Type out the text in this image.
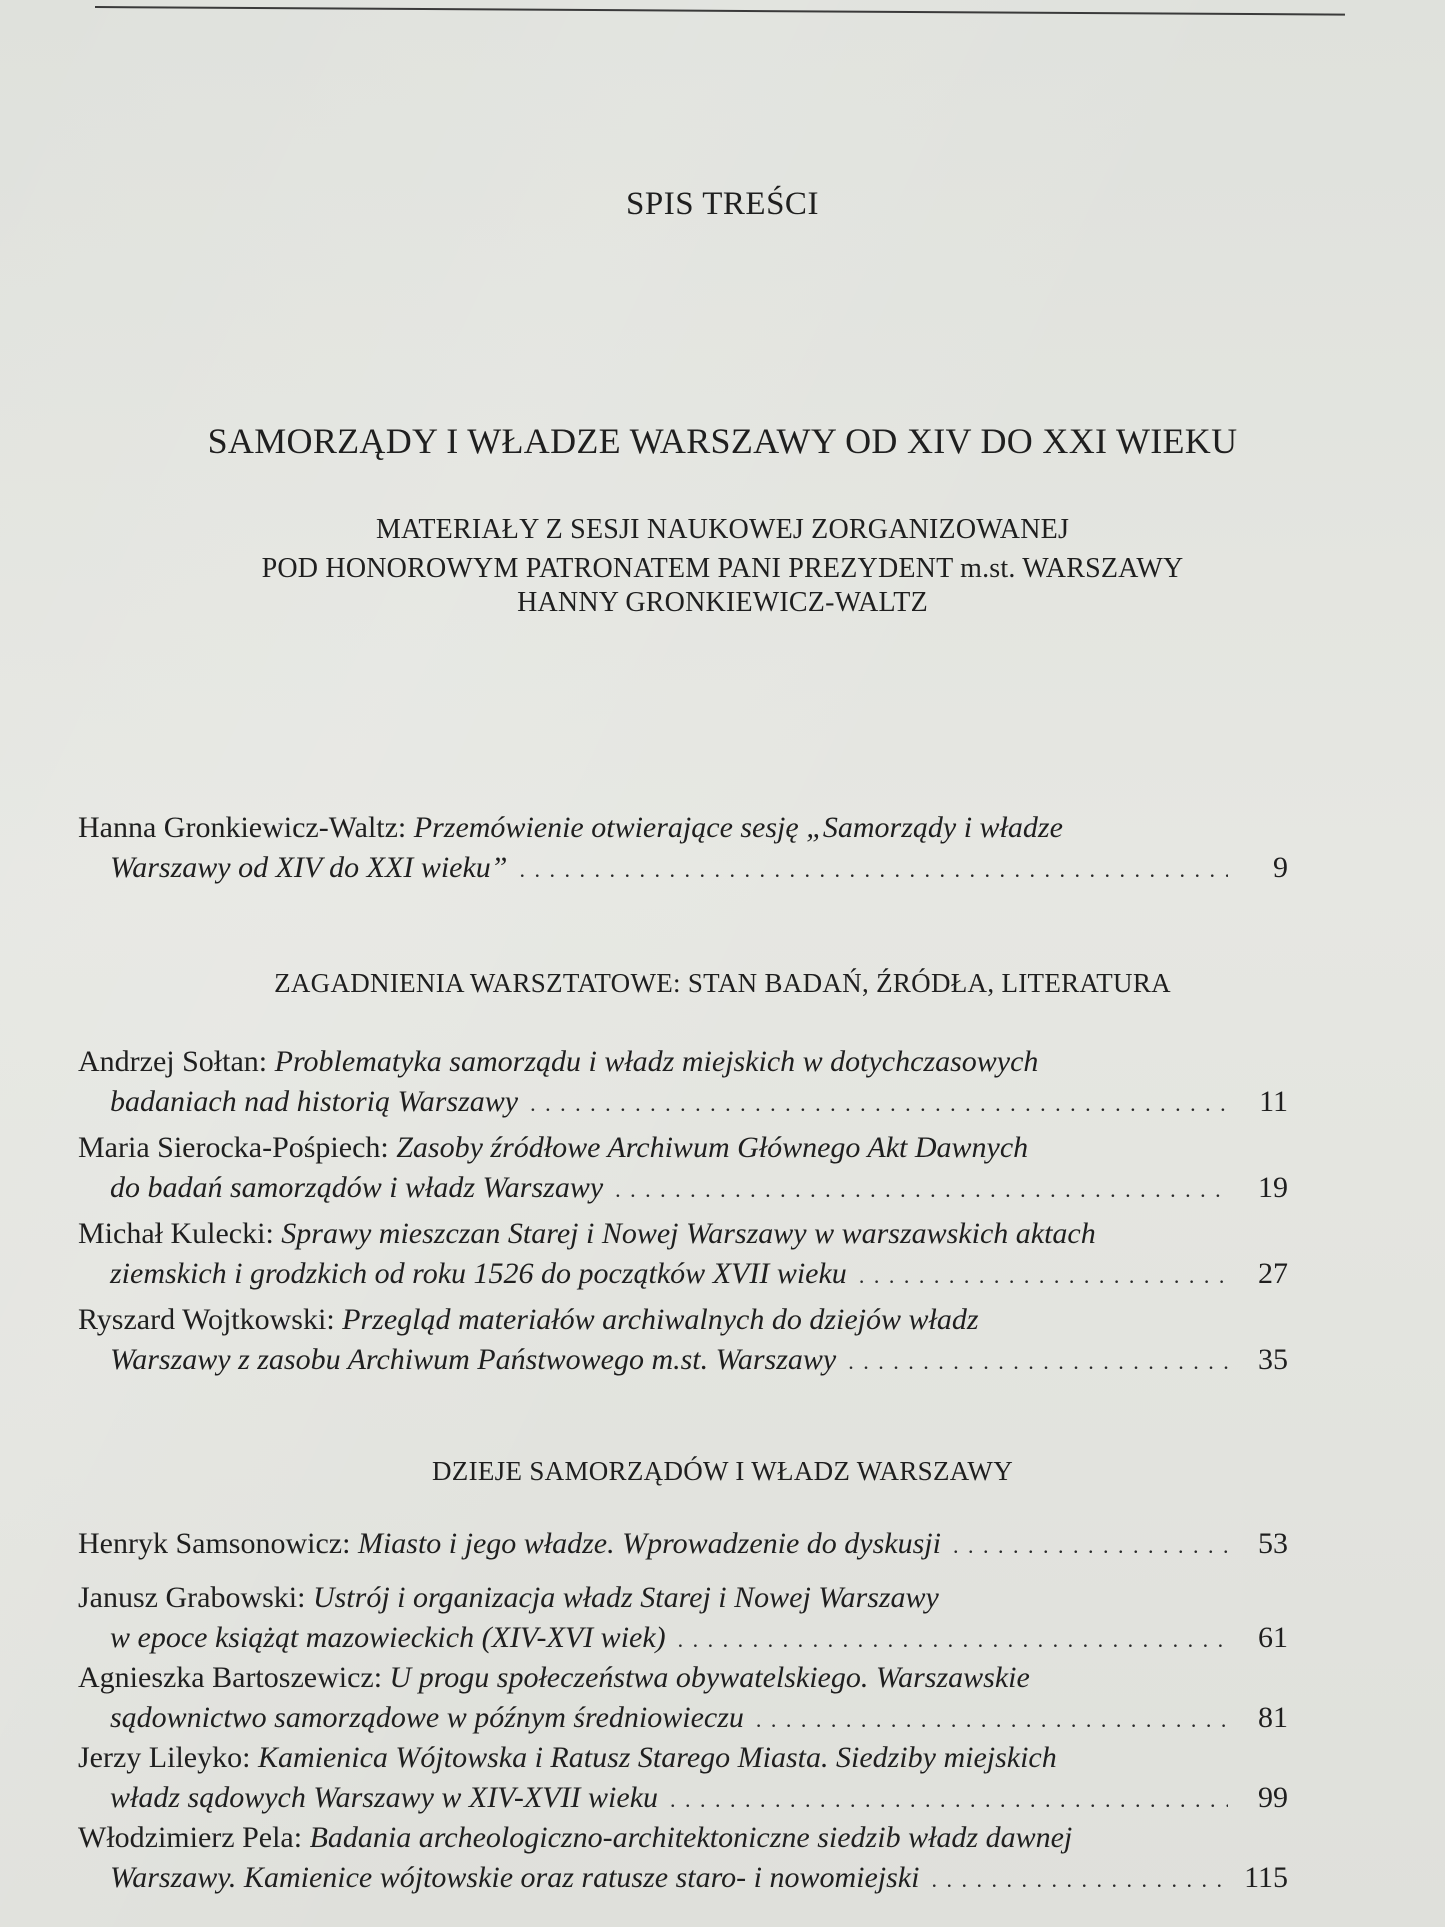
SPIS TREŚCI
SAMORZĄDY I WŁADZE WARSZAWY OD XIV DO XXI WIEKU
MATERIAŁY Z SESJI NAUKOWEJ ZORGANIZOWANEJ
POD HONOROWYM PATRONATEM PANI PREZYDENT m.st. WARSZAWY
HANNY GRONKIEWICZ-WALTZ
Hanna Gronkiewicz-Waltz: Przemówienie otwierające sesję „Samorządy i władze
Warszawy od XIV do XXI wieku” . . .	9
ZAGADNIENIA WARSZTATOWE: STAN BADAŃ, ŹRÓDŁA, LITERATURA
Andrzej Sołtan: Problematyka samorządu i władz miejskich w dotychczasowych
badaniach nad historią Warszawy . . .	11
Maria Sierocka-Pośpiech: Zasoby źródłowe Archiwum Głównego Akt Dawnych
do badań samorządów i władz Warszawy . . .	19
Michał Kulecki: Sprawy mieszczan Starej i Nowej Warszawy w warszawskich aktach
ziemskich i grodzkich od roku 1526 do początków XVII wieku . . .	27
Ryszard Wojtkowski: Przegląd materiałów archiwalnych do dziejów władz
Warszawy z zasobu Archiwum Państwowego m.st. Warszawy . . .	35
DZIEJE SAMORZĄDÓW I WŁADZ WARSZAWY
Henryk Samsonowicz:
Miasto i jego władze. Wprowadzenie do dyskusji . . .	53
Janusz Grabowski: Ustrój i organizacja władz Starej i Nowej Warszawy
w epoce książąt mazowieckich (XIV-XVI wiek) . . .	61
Agnieszka Bartoszewicz: U progu społeczeństwa obywatelskiego. Warszawskie
sądownictwo samorządowe w późnym średniowieczu . . .	81
Jerzy Lileyko: Kamienica Wójtowska i Ratusz Starego Miasta. Siedziby miejskich
władz sądowych Warszawy w XIV-XVII wieku . . .	99
Włodzimierz Pela: Badania archeologiczno-architektoniczne siedzib władz dawnej
Warszawy. Kamienice wójtowskie oraz ratusze staro- i nowomiejski . . .	115
